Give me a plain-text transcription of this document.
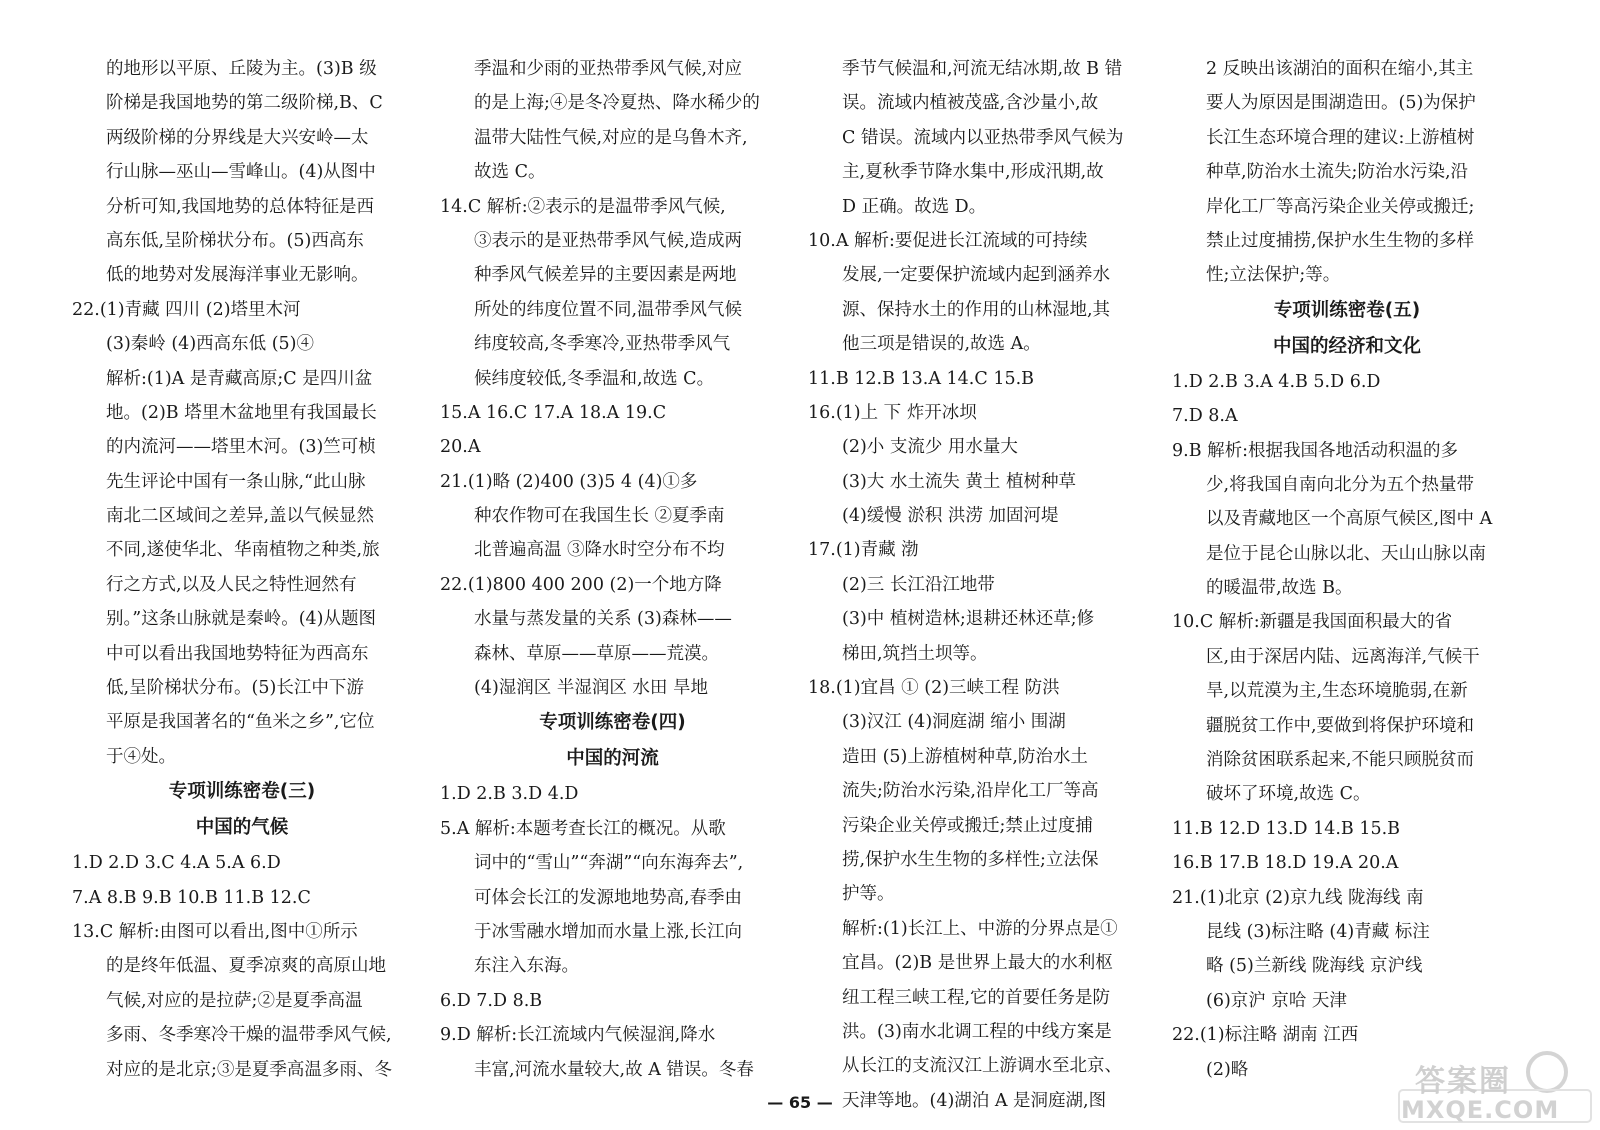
的地形以平原、丘陵为主。(3)B 级
阶梯是我国地势的第二级阶梯,B、C
两级阶梯的分界线是大兴安岭—太
行山脉—巫山—雪峰山。(4)从图中
分析可知,我国地势的总体特征是西
高东低,呈阶梯状分布。(5)西高东
低的地势对发展海洋事业无影响。
22.(1)青藏 四川 (2)塔里木河
(3)秦岭 (4)西高东低 (5)④
解析:(1)A 是青藏高原;C 是四川盆
地。(2)B 塔里木盆地里有我国最长
的内流河——塔里木河。(3)竺可桢
先生评论中国有一条山脉,“此山脉
南北二区域间之差异,盖以气候显然
不同,遂使华北、华南植物之种类,旅
行之方式,以及人民之特性迥然有
别。”这条山脉就是秦岭。(4)从题图
中可以看出我国地势特征为西高东
低,呈阶梯状分布。(5)长江中下游
平原是我国著名的“鱼米之乡”,它位
于④处。
专项训练密卷(三)
中国的气候
1.D 2.D 3.C 4.A 5.A 6.D
7.A 8.B 9.B 10.B 11.B 12.C
13.C 解析:由图可以看出,图中①所示
的是终年低温、夏季凉爽的高原山地
气候,对应的是拉萨;②是夏季高温
多雨、冬季寒冷干燥的温带季风气候,
对应的是北京;③是夏季高温多雨、冬
季温和少雨的亚热带季风气候,对应
的是上海;④是冬冷夏热、降水稀少的
温带大陆性气候,对应的是乌鲁木齐,
故选 C。
14.C 解析:②表示的是温带季风气候,
③表示的是亚热带季风气候,造成两
种季风气候差异的主要因素是两地
所处的纬度位置不同,温带季风气候
纬度较高,冬季寒冷,亚热带季风气
候纬度较低,冬季温和,故选 C。
15.A 16.C 17.A 18.A 19.C
20.A
21.(1)略 (2)400 (3)5 4 (4)①多
种农作物可在我国生长 ②夏季南
北普遍高温 ③降水时空分布不均
22.(1)800 400 200 (2)一个地方降
水量与蒸发量的关系 (3)森林——
森林、草原——草原——荒漠。
(4)湿润区 半湿润区 水田 旱地
专项训练密卷(四)
中国的河流
1.D 2.B 3.D 4.D
5.A 解析:本题考查长江的概况。从歌
词中的“雪山”“奔湖”“向东海奔去”,
可体会长江的发源地地势高,春季由
于冰雪融水增加而水量上涨,长江向
东注入东海。
6.D 7.D 8.B
9.D 解析:长江流域内气候湿润,降水
丰富,河流水量较大,故 A 错误。冬春
季节气候温和,河流无结冰期,故 B 错
误。流域内植被茂盛,含沙量小,故
C 错误。流域内以亚热带季风气候为
主,夏秋季节降水集中,形成汛期,故
D 正确。故选 D。
10.A 解析:要促进长江流域的可持续
发展,一定要保护流域内起到涵养水
源、保持水土的作用的山林湿地,其
他三项是错误的,故选 A。
11.B 12.B 13.A 14.C 15.B
16.(1)上 下 炸开冰坝
(2)小 支流少 用水量大
(3)大 水土流失 黄土 植树种草
(4)缓慢 淤积 洪涝 加固河堤
17.(1)青藏 渤
(2)三 长江沿江地带
(3)中 植树造林;退耕还林还草;修
梯田,筑挡土坝等。
18.(1)宜昌 ① (2)三峡工程 防洪
(3)汉江 (4)洞庭湖 缩小 围湖
造田 (5)上游植树种草,防治水土
流失;防治水污染,沿岸化工厂等高
污染企业关停或搬迁;禁止过度捕
捞,保护水生生物的多样性;立法保
护等。
解析:(1)长江上、中游的分界点是①
宜昌。(2)B 是世界上最大的水利枢
纽工程三峡工程,它的首要任务是防
洪。(3)南水北调工程的中线方案是
从长江的支流汉江上游调水至北京、
天津等地。(4)湖泊 A 是洞庭湖,图
2 反映出该湖泊的面积在缩小,其主
要人为原因是围湖造田。(5)为保护
长江生态环境合理的建议:上游植树
种草,防治水土流失;防治水污染,沿
岸化工厂等高污染企业关停或搬迁;
禁止过度捕捞,保护水生生物的多样
性;立法保护;等。
专项训练密卷(五)
中国的经济和文化
1.D 2.B 3.A 4.B 5.D 6.D
7.D 8.A
9.B 解析:根据我国各地活动积温的多
少,将我国自南向北分为五个热量带
以及青藏地区一个高原气候区,图中 A
是位于昆仑山脉以北、天山山脉以南
的暖温带,故选 B。
10.C 解析:新疆是我国面积最大的省
区,由于深居内陆、远离海洋,气候干
旱,以荒漠为主,生态环境脆弱,在新
疆脱贫工作中,要做到将保护环境和
消除贫困联系起来,不能只顾脱贫而
破坏了环境,故选 C。
11.B 12.D 13.D 14.B 15.B
16.B 17.B 18.D 19.A 20.A
21.(1)北京 (2)京九线 陇海线 南
昆线 (3)标注略 (4)青藏 标注
略 (5)兰新线 陇海线 京沪线
(6)京沪 京哈 天津
22.(1)标注略 湖南 江西
(2)略
— 65 —
答案圈
MXQE.COM
